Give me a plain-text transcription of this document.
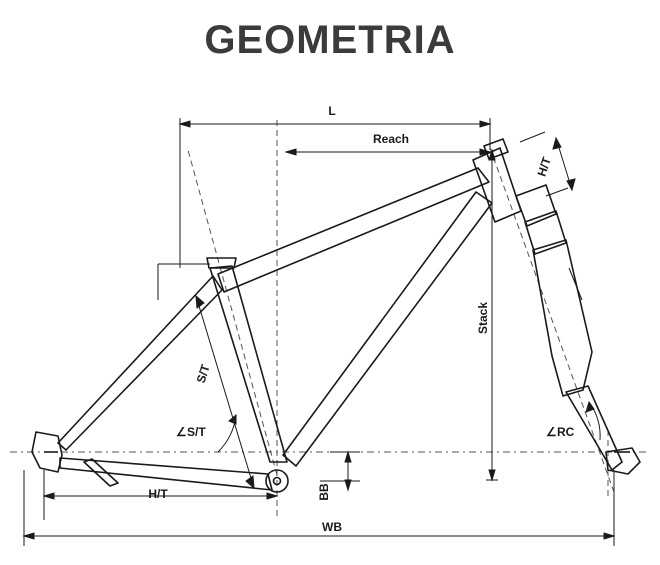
GEOMETRIA
L
Reach
H/T
Stack
S/T
BB
H/T
WB
∠ S/T	∠ RC
